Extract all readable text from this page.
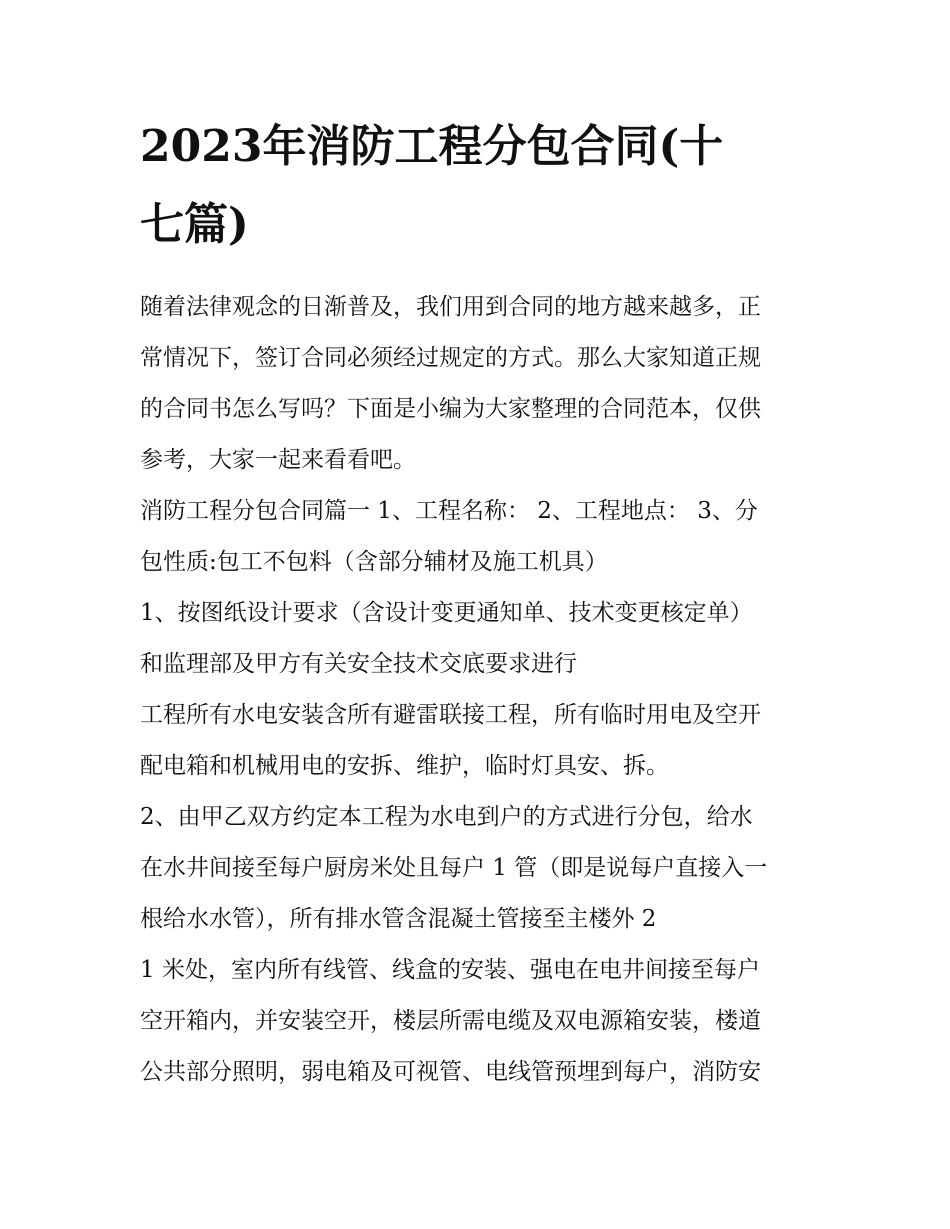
2023年消防工程分包合同(十
七篇)
随着法律观念的日渐普及，我们用到合同的地方越来越多，正
常情况下，签订合同必须经过规定的方式。那么大家知道正规
的合同书怎么写吗？下面是小编为大家整理的合同范本，仅供
参考，大家一起来看看吧。
消防工程分包合同篇一 1、工程名称： 2、工程地点： 3、分
包性质:包工不包料（含部分辅材及施工机具）
1、按图纸设计要求（含设计变更通知单、技术变更核定单）
和监理部及甲方有关安全技术交底要求进行
工程所有水电安装含所有避雷联接工程，所有临时用电及空开
配电箱和机械用电的安拆、维护，临时灯具安、拆。
2、由甲乙双方约定本工程为水电到户的方式进行分包，给水
在水井间接至每户厨房米处且每户 1 管（即是说每户直接入一
根给水水管），所有排水管含混凝土管接至主楼外 2
1 米处，室内所有线管、线盒的安装、强电在电井间接至每户
空开箱内，并安装空开，楼层所需电缆及双电源箱安装，楼道
公共部分照明，弱电箱及可视管、电线管预埋到每户，消防安
